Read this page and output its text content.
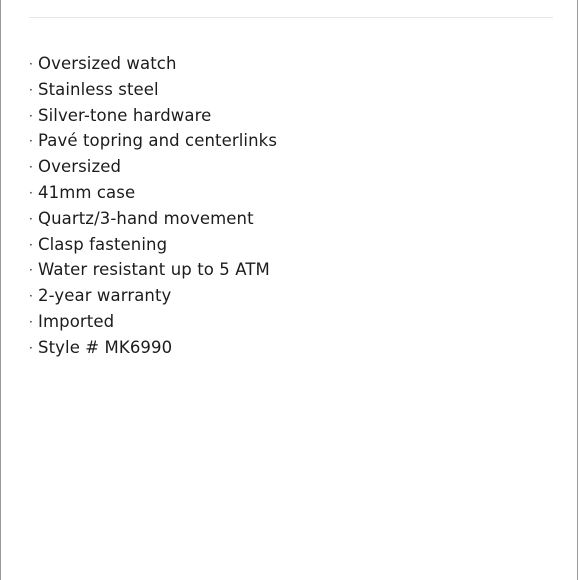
· Oversized watch
· Stainless steel
· Silver-tone hardware
· Pavé topring and centerlinks
· Oversized
· 41mm case
· Quartz/3-hand movement
· Clasp fastening
· Water resistant up to 5 ATM
· 2-year warranty
· Imported
· Style # MK6990
